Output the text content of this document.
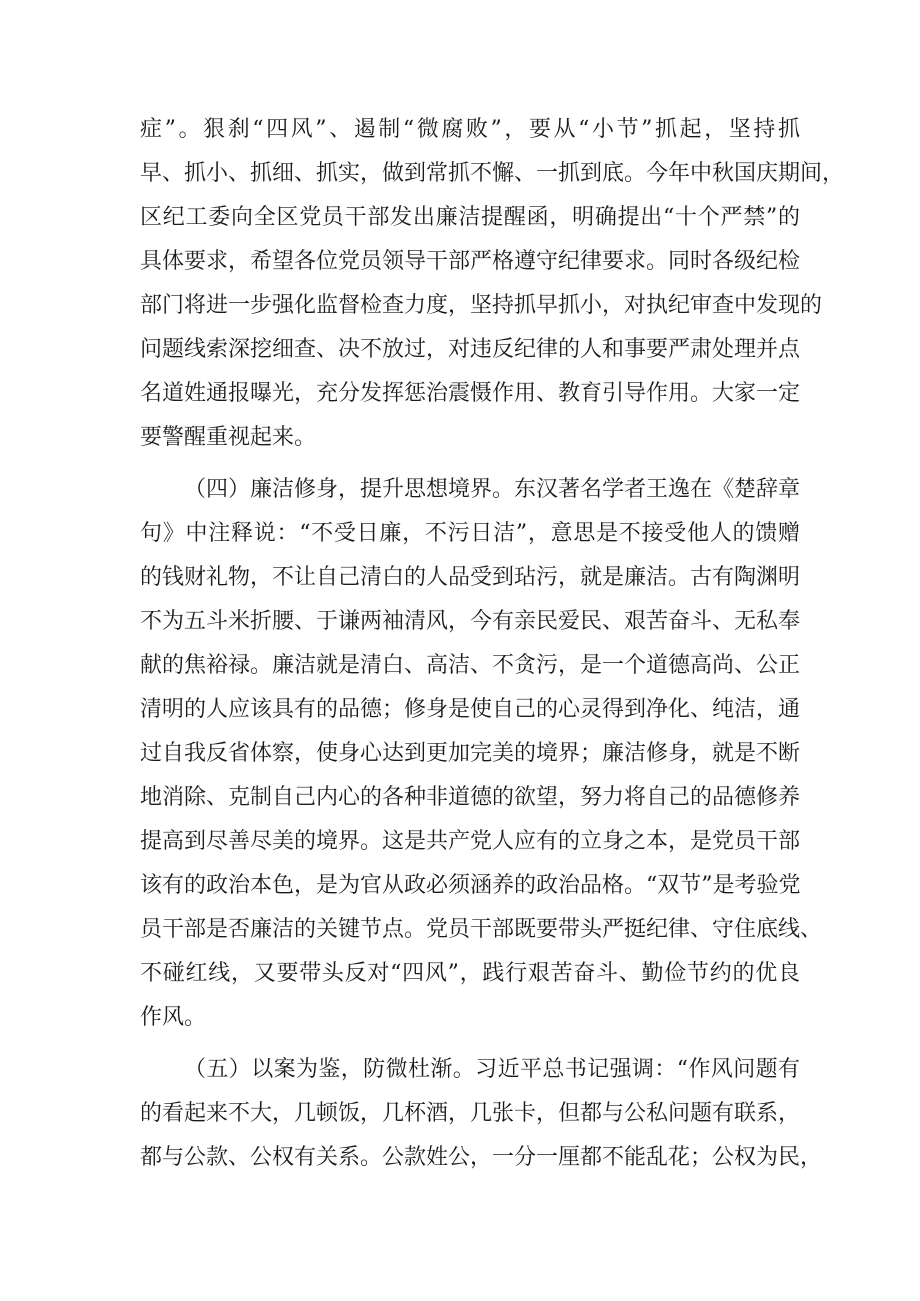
症”。狠刹“四风”、遏制“微腐败”，要从“小节”抓起，坚持抓
早、抓小、抓细、抓实，做到常抓不懈、一抓到底。今年中秋国庆期间，
区纪工委向全区党员干部发出廉洁提醒函，明确提出“十个严禁”的
具体要求，希望各位党员领导干部严格遵守纪律要求。同时各级纪检
部门将进一步强化监督检查力度，坚持抓早抓小，对执纪审查中发现的
问题线索深挖细查、决不放过，对违反纪律的人和事要严肃处理并点
名道姓通报曝光，充分发挥惩治震慑作用、教育引导作用。大家一定
要警醒重视起来。
（四）廉洁修身，提升思想境界。东汉著名学者王逸在《楚辞章
句》中注释说：“不受日廉，不污日洁”，意思是不接受他人的馈赠
的钱财礼物，不让自己清白的人品受到玷污，就是廉洁。古有陶渊明
不为五斗米折腰、于谦两袖清风，今有亲民爱民、艰苦奋斗、无私奉
献的焦裕禄。廉洁就是清白、高洁、不贪污，是一个道德高尚、公正
清明的人应该具有的品德；修身是使自己的心灵得到净化、纯洁，通
过自我反省体察，使身心达到更加完美的境界；廉洁修身，就是不断
地消除、克制自己内心的各种非道德的欲望，努力将自己的品德修养
提高到尽善尽美的境界。这是共产党人应有的立身之本，是党员干部
该有的政治本色，是为官从政必须涵养的政治品格。“双节”是考验党
员干部是否廉洁的关键节点。党员干部既要带头严挺纪律、守住底线、
不碰红线，又要带头反对“四风”，践行艰苦奋斗、勤俭节约的优良
作风。
（五）以案为鉴，防微杜渐。习近平总书记强调：“作风问题有
的看起来不大，几顿饭，几杯酒，几张卡，但都与公私问题有联系，
都与公款、公权有关系。公款姓公，一分一厘都不能乱花；公权为民，
